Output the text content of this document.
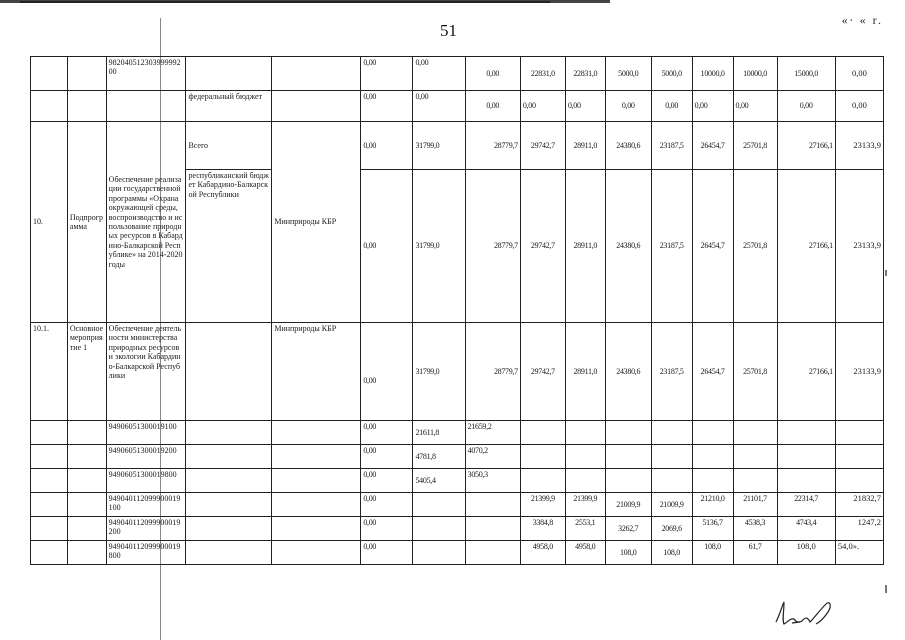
51
«∙ « r.
		98204051230399999200			0,00	0,00	0,00	22831,0	22831,0	5000,0	5000,0	10000,0	10000,0	15000,0	0,00
			федеральный бюджет		0,00	0,00	0,00	0,00	0,00	0,00	0,00	0,00	0,00	0,00	0,00
10.	Подпрограмма	Обеспечение реализации государственной программы «Охрана окружающей среды, воспроизводство и использование природных ресурсов в Кабардино-Балкарской Республике» на 2014-2020 годы	Всего	Минприроды КБР	0,00	31799,0	28779,7	29742,7	28911,0	24380,6	23187,5	26454,7	25701,8	27166,1	23133,9
			республиканский бюджет Кабардино-Балкарской Республики		0,00	31799,0	28779,7	29742,7	28911,0	24380,6	23187,5	26454,7	25701,8	27166,1	23133,9
10.1.	Основное мероприятие 1	Обеспечение деятельности министерства природных ресурсов и экологии Кабардино-Балкарской Республики		Минприроды КБР	0,00	31799,0	28779,7	29742,7	28911,0	24380,6	23187,5	26454,7	25701,8	27166,1	23133,9
		94906051300019100			0,00	21611,8	21659,2								
		94906051300019200			0,00	4781,8	4070,2								
		94906051300019800			0,00	5405,4	3050,3								
		949040112099900019100			0,00			21399,9	21399,9	21009,9	21009,9	21210,0	21101,7	22314,7	21832,7
		949040112099900019200			0,00			3384,8	2553,1	3262,7	2069,6	5136,7	4538,3	4743,4	1247,2
		949040112099900019800			0,00			4958,0	4958,0	108,0	108,0	108,0	61,7	108,0	54,0».
